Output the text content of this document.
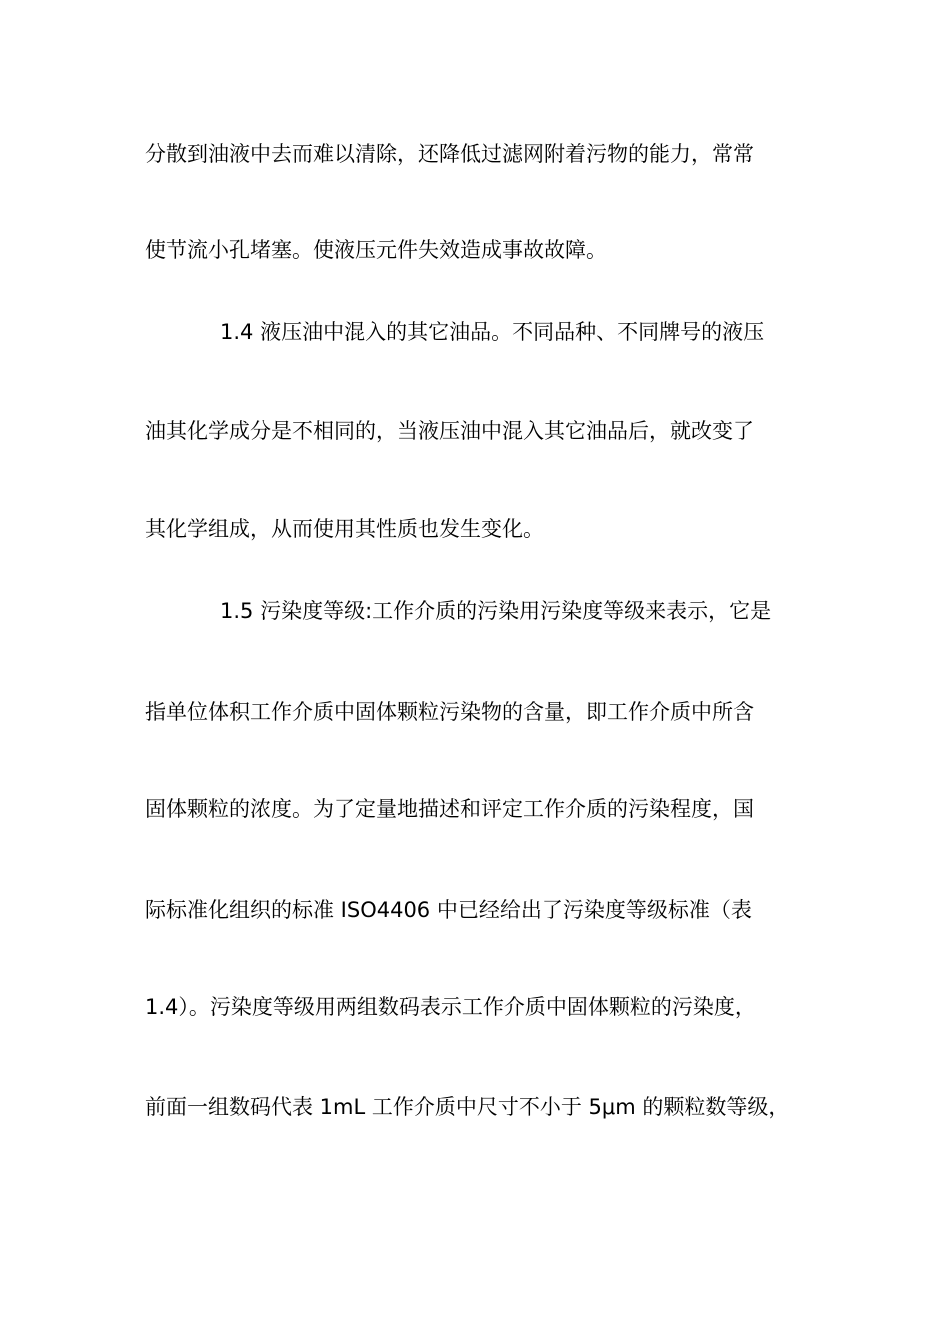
分散到油液中去而难以清除，还降低过滤网附着污物的能力，常常
使节流小孔堵塞。使液压元件失效造成事故故障。
1.4 液压油中混入的其它油品。不同品种、不同牌号的液压
油其化学成分是不相同的，当液压油中混入其它油品后，就改变了
其化学组成，从而使用其性质也发生变化。
1.5 污染度等级:工作介质的污染用污染度等级来表示，它是
指单位体积工作介质中固体颗粒污染物的含量，即工作介质中所含
固体颗粒的浓度。为了定量地描述和评定工作介质的污染程度，国
际标准化组织的标准 ISO4406 中已经给出了污染度等级标准（表
1.4）。污染度等级用两组数码表示工作介质中固体颗粒的污染度，
前面一组数码代表 1mL 工作介质中尺寸不小于 5μm 的颗粒数等级，
